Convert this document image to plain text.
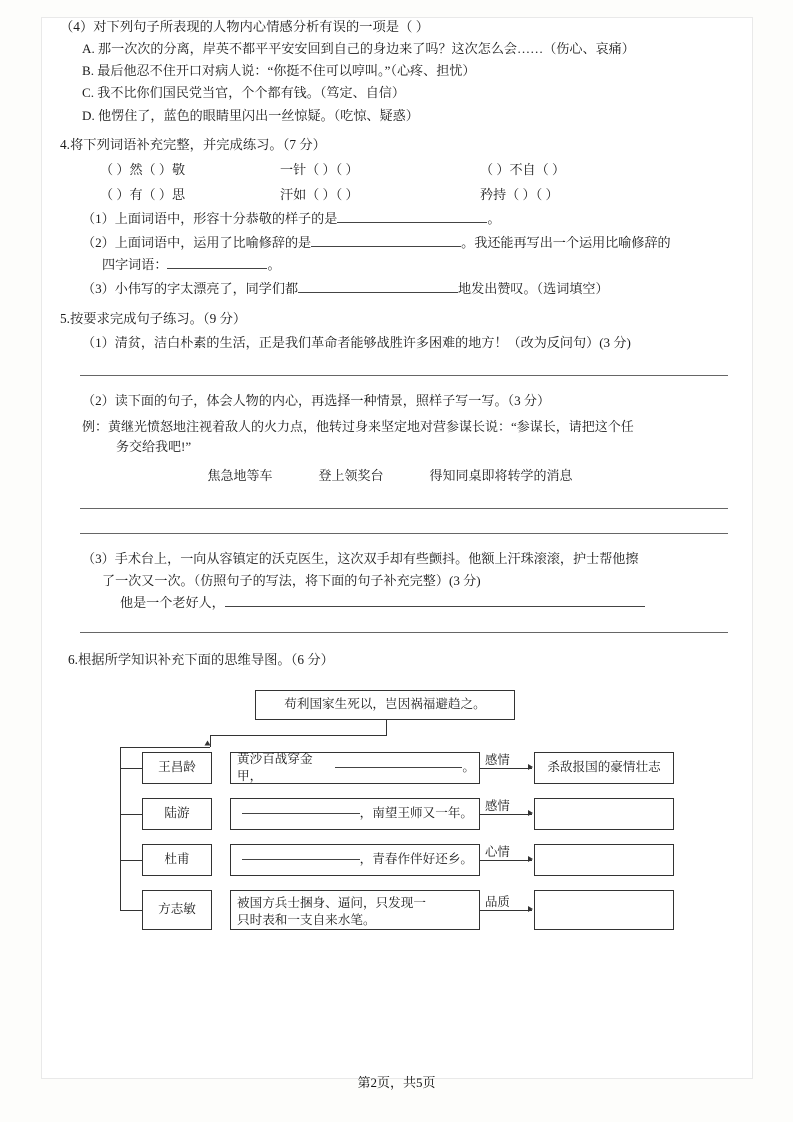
（4）对下列句子所表现的人物内心情感分析有误的一项是（ ）
A. 那一次次的分离，岸英不都平平安安回到自己的身边来了吗？这次怎么会……（伤心、哀痛）
B. 最后他忍不住开口对病人说：“你挺不住可以哼叫。”（心疼、担忧）
C. 我不比你们国民党当官，个个都有钱。（笃定、自信）
D. 他愣住了，蓝色的眼睛里闪出一丝惊疑。（吃惊、疑惑）
4.将下列词语补充完整，并完成练习。（7 分）
（ ）然（ ）敬	一针（ ）（ ）	（ ）不自（ ）
（ ）有（ ）思	汗如（ ）（ ）	矜持（ ）（ ）
（1）上面词语中，形容十分恭敬的样子的是	。
（2）上面词语中，运用了比喻修辞的是	。我还能再写出一个运用比喻修辞的
四字词语：	。
（3）小伟写的字太漂亮了，同学们都	地发出赞叹。（选词填空）
5.按要求完成句子练习。（9 分）
（1）清贫，洁白朴素的生活，正是我们革命者能够战胜许多困难的地方！（改为反问句）(3 分)
（2）读下面的句子，体会人物的内心，再选择一种情景，照样子写一写。（3 分）
例：黄继光愤怒地注视着敌人的火力点，他转过身来坚定地对营参谋长说：“参谋长，请把这个任
务交给我吧!”
焦急地等车	登上领奖台	得知同桌即将转学的消息
（3）手术台上，一向从容镇定的沃克医生，这次双手却有些颤抖。他额上汗珠滚滚，护士帮他擦
了一次又一次。（仿照句子的写法，将下面的句子补充完整）(3 分)
他是一个老好人，
6.根据所学知识补充下面的思维导图。（6 分）
苟利国家生死以，岂因祸福避趋之。
王昌龄
黄沙百战穿金甲，
。
感情
杀敌报国的豪情壮志
陆游	，南望王师又一年。
感情
杜甫	，青春作伴好还乡。
心情
方志敏	被国方兵士捆身、逼问，只发现一
只时表和一支自来水笔。
品质
第2页，共5页
